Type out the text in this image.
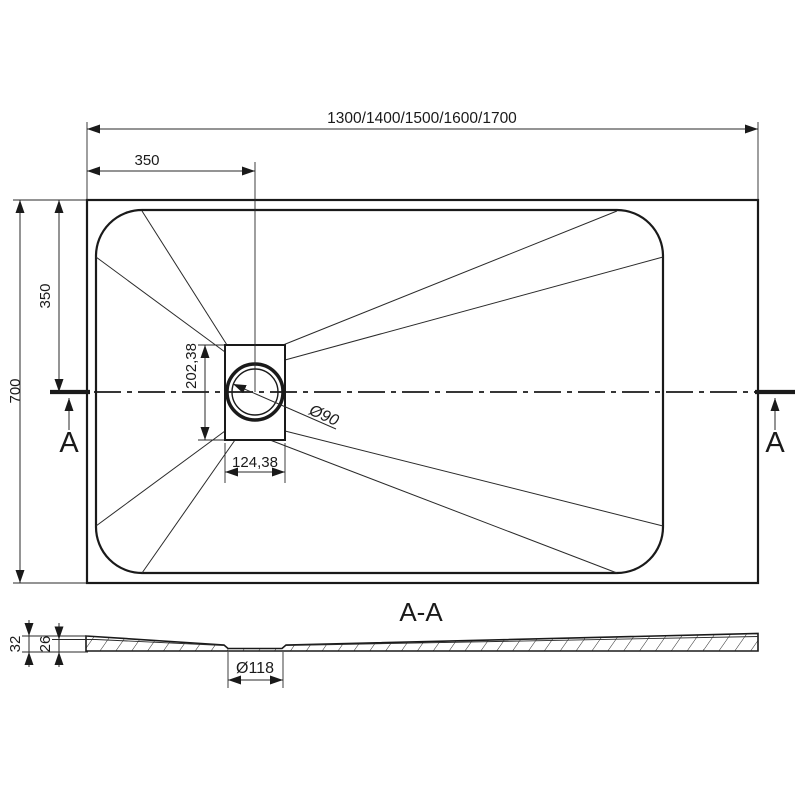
A	A
1300/1400/1500/1600/1700
350
700
350
202,38
124,38
Ø90
A-A
32 26
Ø118
